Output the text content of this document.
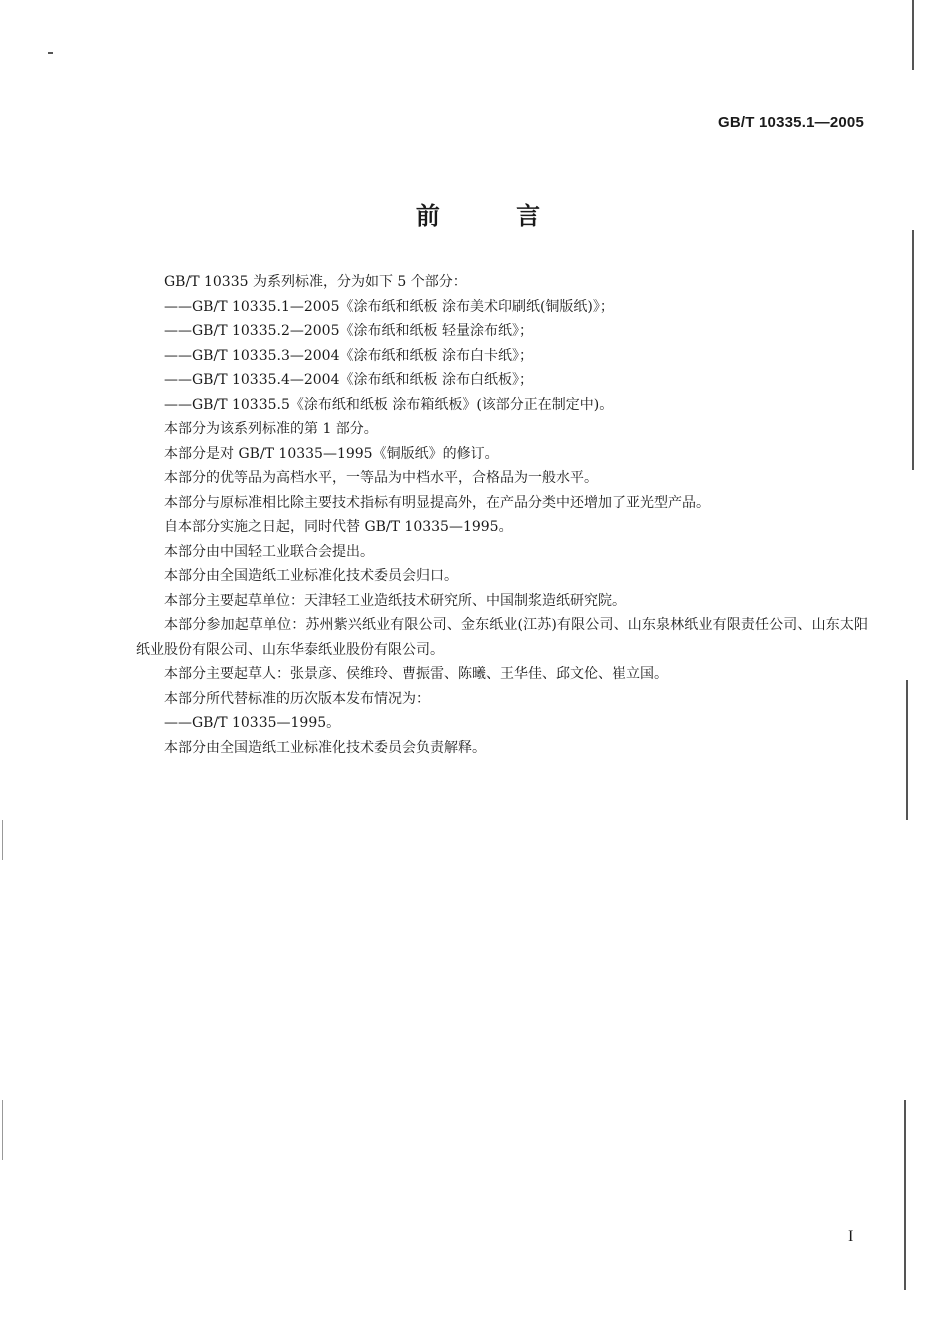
GB/T 10335.1—2005
前 言

GB/T 10335 为系列标准，分为如下 5 个部分：

——GB/T 10335.1—2005《涂布纸和纸板 涂布美术印刷纸(铜版纸)》；

——GB/T 10335.2—2005《涂布纸和纸板 轻量涂布纸》；

——GB/T 10335.3—2004《涂布纸和纸板 涂布白卡纸》；

——GB/T 10335.4—2004《涂布纸和纸板 涂布白纸板》；

——GB/T 10335.5《涂布纸和纸板 涂布箱纸板》(该部分正在制定中)。

本部分为该系列标准的第 1 部分。

本部分是对 GB/T 10335—1995《铜版纸》的修订。

本部分的优等品为高档水平，一等品为中档水平，合格品为一般水平。

本部分与原标准相比除主要技术指标有明显提高外，在产品分类中还增加了亚光型产品。

自本部分实施之日起，同时代替 GB/T 10335—1995。

本部分由中国轻工业联合会提出。

本部分由全国造纸工业标准化技术委员会归口。

本部分主要起草单位：天津轻工业造纸技术研究所、中国制浆造纸研究院。

本部分参加起草单位：苏州紫兴纸业有限公司、金东纸业(江苏)有限公司、山东泉林纸业有限责任公司、山东太阳纸业股份有限公司、山东华泰纸业股份有限公司。

本部分主要起草人：张景彦、侯维玲、曹振雷、陈曦、王华佳、邱文伦、崔立国。

本部分所代替标准的历次版本发布情况为：

——GB/T 10335—1995。

本部分由全国造纸工业标准化技术委员会负责解释。

I
